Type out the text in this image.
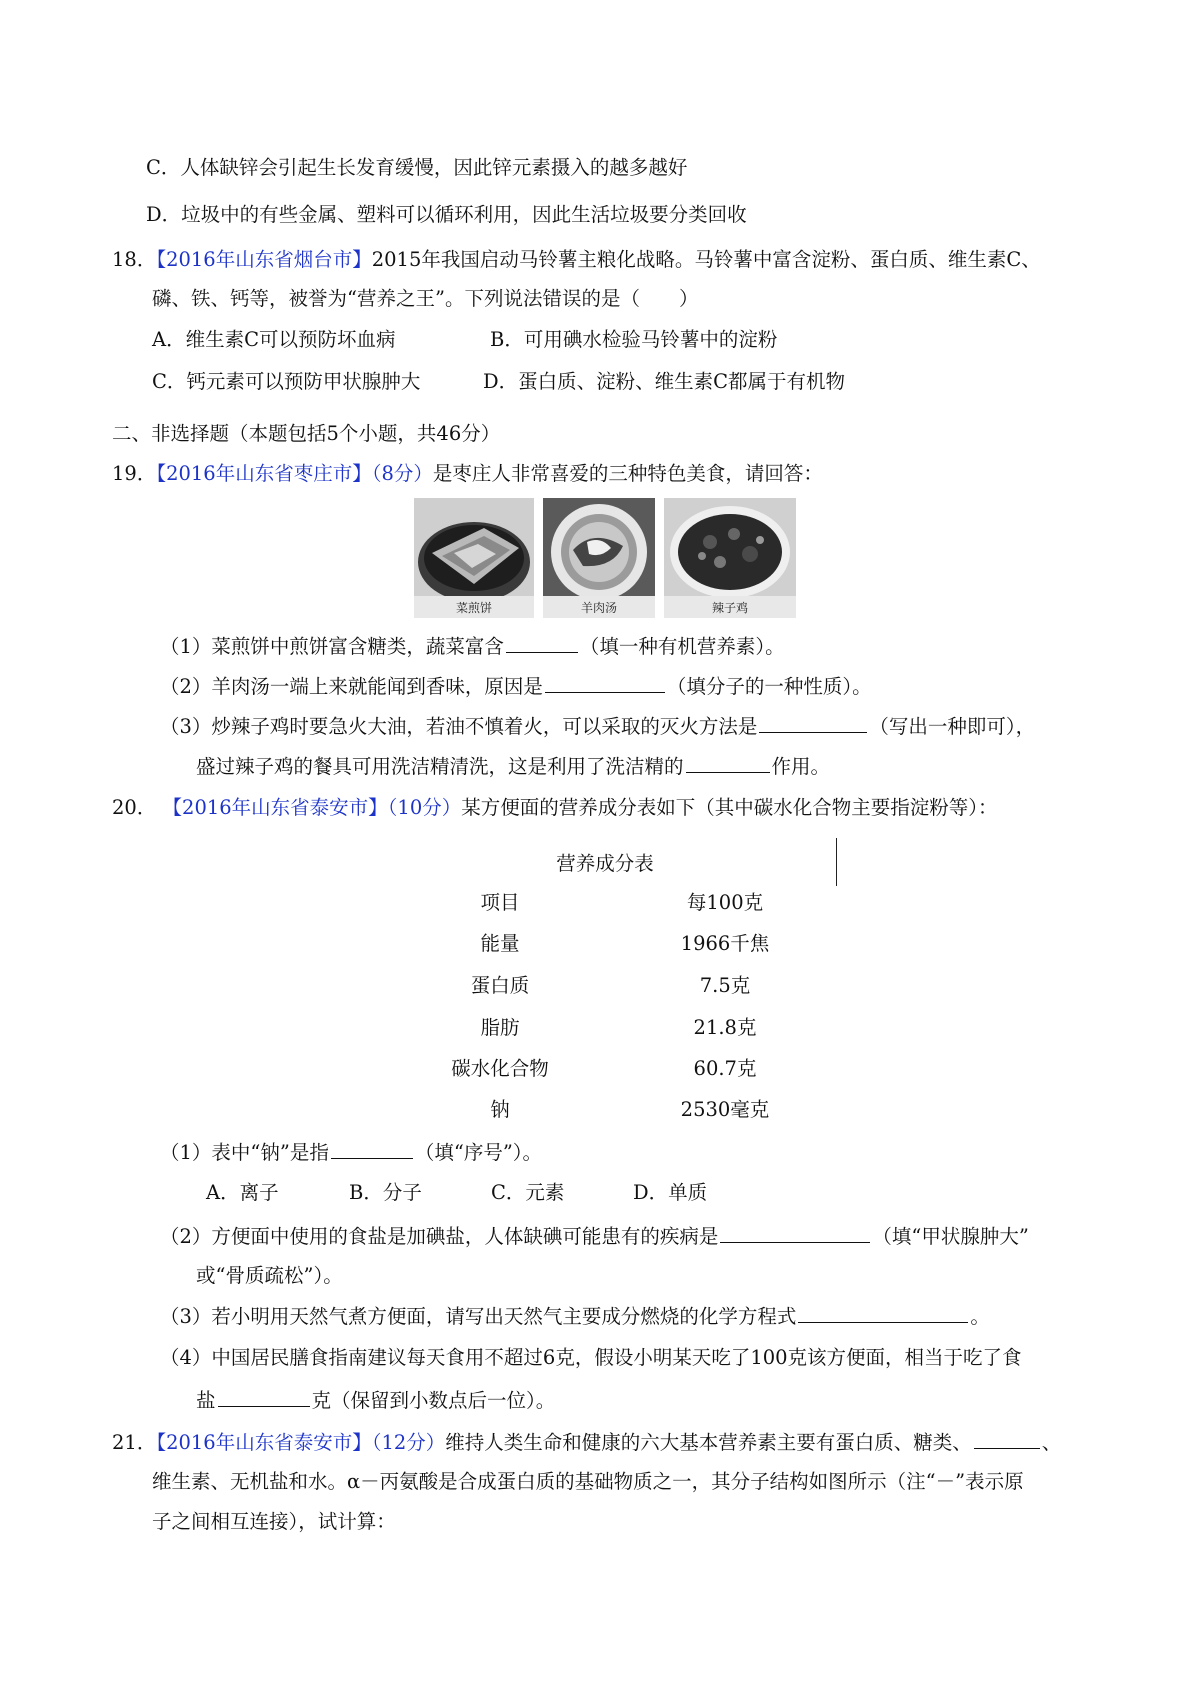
C．人体缺锌会引起生长发育缓慢，因此锌元素摄入的越多越好
D．垃圾中的有些金属、塑料可以循环利用，因此生活垃圾要分类回收
18．【2016年山东省烟台市】2015年我国启动马铃薯主粮化战略。马铃薯中富含淀粉、蛋白质、维生素C、
磷、铁、钙等，被誉为“营养之王”。下列说法错误的是（　　）
A．维生素C可以预防坏血病	B．可用碘水检验马铃薯中的淀粉
C．钙元素可以预防甲状腺肿大	D．蛋白质、淀粉、维生素C都属于有机物
二、非选择题（本题包括5个小题，共46分）
19．【2016年山东省枣庄市】（8分）是枣庄人非常喜爱的三种特色美食，请回答：
菜煎饼	羊肉汤	辣子鸡
（1）菜煎饼中煎饼富含糖类，蔬菜富含	（填一种有机营养素）。
（2）羊肉汤一端上来就能闻到香味，原因是	（填分子的一种性质）。
（3）炒辣子鸡时要急火大油，若油不慎着火，可以采取的灭火方法是	（写出一种即可），
盛过辣子鸡的餐具可用洗洁精清洗，这是利用了洗洁精的	作用。
20． 【2016年山东省泰安市】（10分）某方便面的营养成分表如下（其中碳水化合物主要指淀粉等）：
营养成分表
项目	每100克
能量	1966千焦
蛋白质	7.5克
脂肪	21.8克
碳水化合物	60.7克
钠	2530毫克
（1）表中“钠”是指	（填“序号”）。
A．离子	B．分子	C．元素	D．单质
（2）方便面中使用的食盐是加碘盐，人体缺碘可能患有的疾病是	（填“甲状腺肿大”
或“骨质疏松”）。
（3）若小明用天然气煮方便面，请写出天然气主要成分燃烧的化学方程式	。
（4）中国居民膳食指南建议每天食用不超过6克，假设小明某天吃了100克该方便面，相当于吃了食
盐	克（保留到小数点后一位）。
21．【2016年山东省泰安市】（12分）维持人类生命和健康的六大基本营养素主要有蛋白质、糖类、	、
维生素、无机盐和水。α－丙氨酸是合成蛋白质的基础物质之一，其分子结构如图所示（注“－”表示原
子之间相互连接），试计算：
